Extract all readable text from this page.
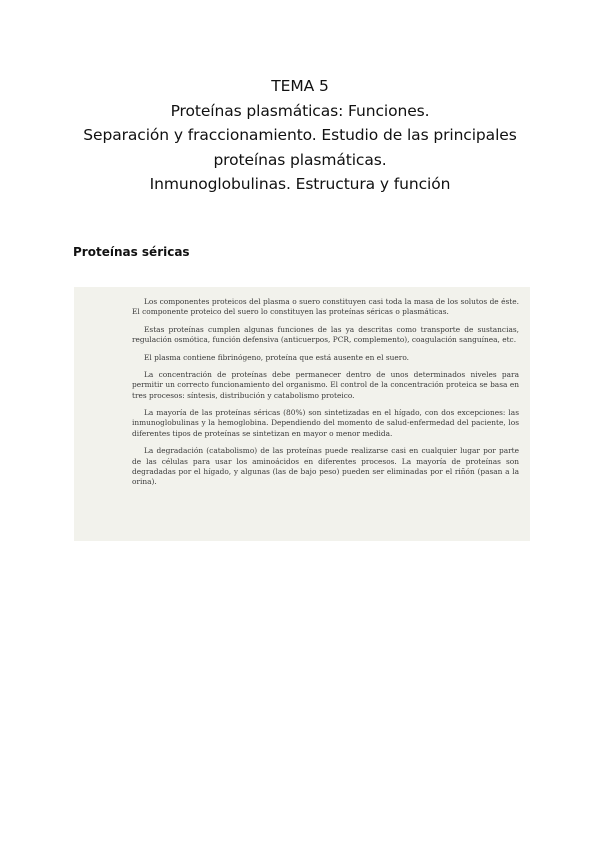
TEMA 5
Proteínas plasmáticas: Funciones.
Separación y fraccionamiento. Estudio de las principales
proteínas plasmáticas.
Inmunoglobulinas. Estructura y función
Proteínas séricas

Los componentes proteicos del plasma o suero constituyen casi toda la masa de los solutos de éste. El componente proteico del suero lo constituyen las proteínas séricas o plasmáticas.

Estas proteínas cumplen algunas funciones de las ya descritas como transporte de sustancias, regulación osmótica, función defensiva (anticuerpos, PCR, complemento), coagulación sanguínea, etc.

El plasma contiene fibrinógeno, proteína que está ausente en el suero.

La concentración de proteínas debe permanecer dentro de unos determinados niveles para permitir un correcto funcionamiento del organismo. El control de la concentración proteica se basa en tres procesos: síntesis, distribución y catabolismo proteico.

La mayoría de las proteínas séricas (80%) son sintetizadas en el hígado, con dos excepciones: las inmunoglobulinas y la hemoglobina. Dependiendo del momento de salud-enfermedad del paciente, los diferentes tipos de proteínas se sintetizan en mayor o menor medida.

La degradación (catabolismo) de las proteínas puede realizarse casi en cualquier lugar por parte de las células para usar los aminoácidos en diferentes procesos. La mayoría de proteínas son degradadas por el hígado, y algunas (las de bajo peso) pueden ser eliminadas por el riñón (pasan a la orina).
